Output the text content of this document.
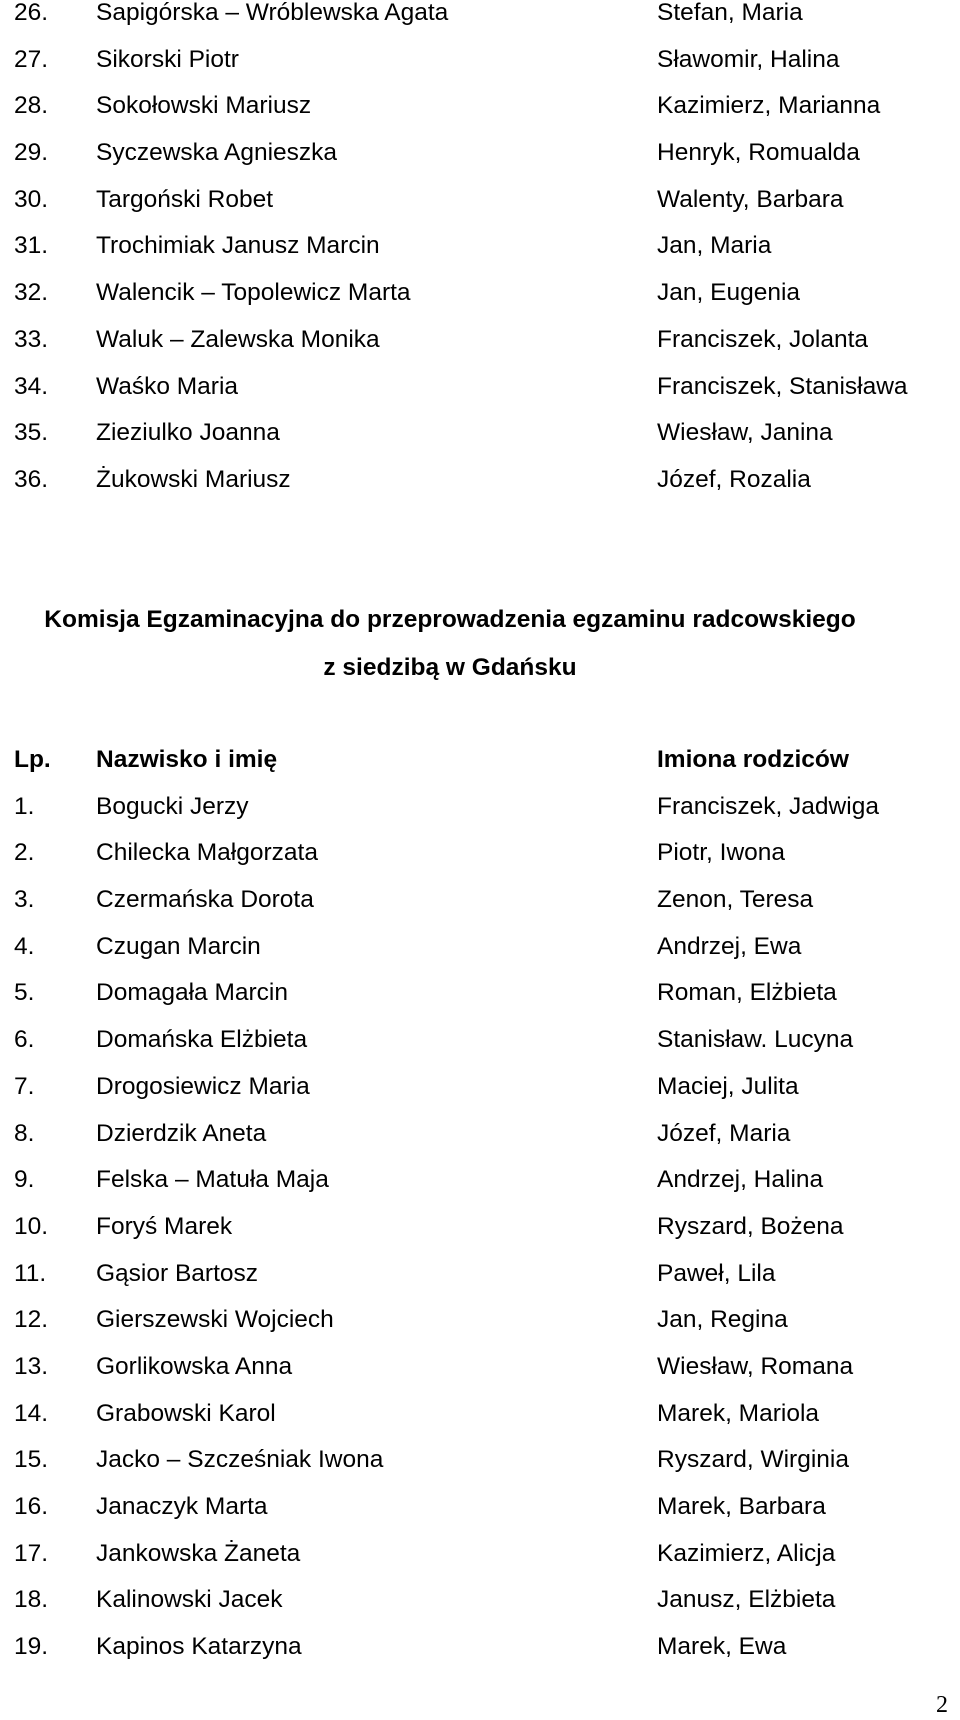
26. Sapigórska – Wróblewska Agata	Stefan, Maria
27. Sikorski Piotr	Sławomir, Halina
28. Sokołowski Mariusz	Kazimierz, Marianna
29. Syczewska Agnieszka	Henryk, Romualda
30. Targoński Robet	Walenty, Barbara
31. Trochimiak Janusz Marcin	Jan, Maria
32. Walencik – Topolewicz Marta	Jan, Eugenia
33. Waluk – Zalewska Monika	Franciszek, Jolanta
34. Waśko Maria	Franciszek, Stanisława
35. Zieziulko Joanna	Wiesław, Janina
36. Żukowski Mariusz	Józef, Rozalia
Komisja Egzaminacyjna do przeprowadzenia egzaminu radcowskiego
z siedzibą w Gdańsku
Lp. Nazwisko i imię	Imiona rodziców
1.	Bogucki Jerzy	Franciszek, Jadwiga
2.	Chilecka Małgorzata	Piotr, Iwona
3.	Czermańska Dorota	Zenon, Teresa
4.	Czugan Marcin	Andrzej, Ewa
5.	Domagała Marcin	Roman, Elżbieta
6.	Domańska Elżbieta	Stanisław. Lucyna
7.	Drogosiewicz Maria	Maciej, Julita
8.	Dzierdzik Aneta	Józef, Maria
9.	Felska – Matuła Maja	Andrzej, Halina
10. Foryś Marek	Ryszard, Bożena
11. Gąsior Bartosz	Paweł, Lila
12. Gierszewski Wojciech	Jan, Regina
13. Gorlikowska Anna	Wiesław, Romana
14. Grabowski Karol	Marek, Mariola
15. Jacko – Szcześniak Iwona	Ryszard, Wirginia
16. Janaczyk Marta	Marek, Barbara
17. Jankowska Żaneta	Kazimierz, Alicja
18. Kalinowski Jacek	Janusz, Elżbieta
19. Kapinos Katarzyna	Marek, Ewa
2
